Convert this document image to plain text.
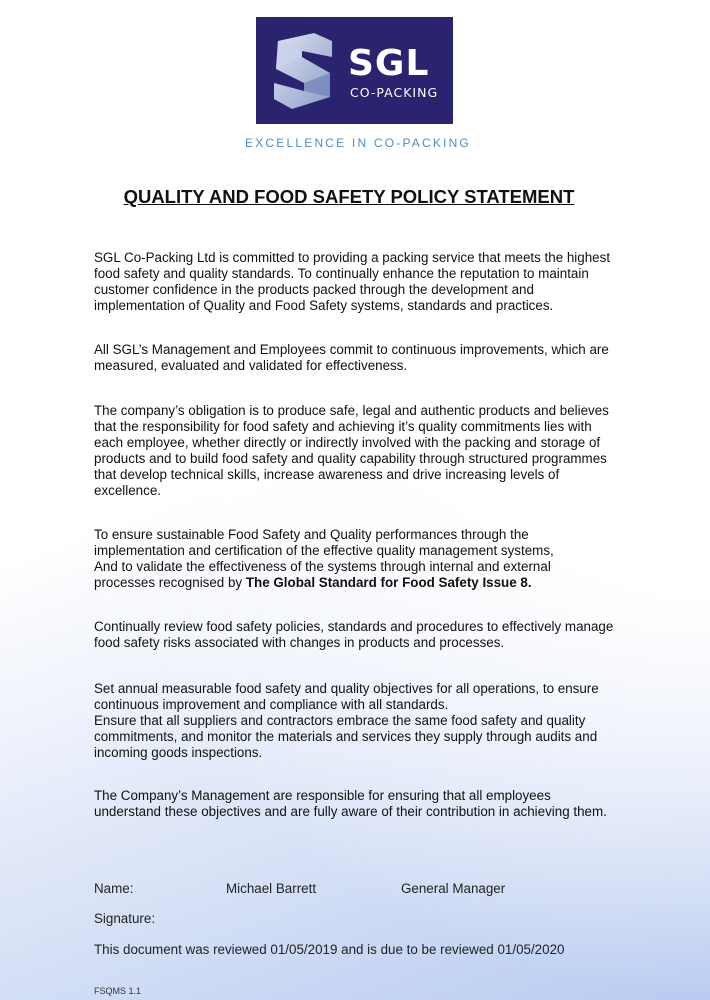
SGL
CO-PACKING
EXCELLENCE IN CO-PACKING
QUALITY AND FOOD SAFETY POLICY STATEMENT

SGL Co-Packing Ltd is committed to providing a packing service that meets the highest food safety and quality standards. To continually enhance the reputation to maintain customer confidence in the products packed through the development and implementation of Quality and Food Safety systems, standards and practices.

All SGL’s Management and Employees commit to continuous improvements, which are measured, evaluated and validated for effectiveness.

The company’s obligation is to produce safe, legal and authentic products and believes that the responsibility for food safety and achieving it’s quality commitments lies with each employee, whether directly or indirectly involved with the packing and storage of products and to build food safety and quality capability through structured programmes that develop technical skills, increase awareness and drive increasing levels of excellence.

To ensure sustainable Food Safety and Quality performances through the implementation and certification of the effective quality management systems,
And to validate the effectiveness of the systems through internal and external processes recognised by The Global Standard for Food Safety Issue 8.

Continually review food safety policies, standards and procedures to effectively manage food safety risks associated with changes in products and processes.

Set annual measurable food safety and quality objectives for all operations, to ensure continuous improvement and compliance with all standards.
Ensure that all suppliers and contractors embrace the same food safety and quality commitments, and monitor the materials and services they supply through audits and incoming goods inspections.

The Company’s Management are responsible for ensuring that all employees understand these objectives and are fully aware of their contribution in achieving them.

Name:	Michael Barrett	General Manager
Signature:
This document was reviewed 01/05/2019 and is due to be reviewed 01/05/2020
FSQMS 1.1
